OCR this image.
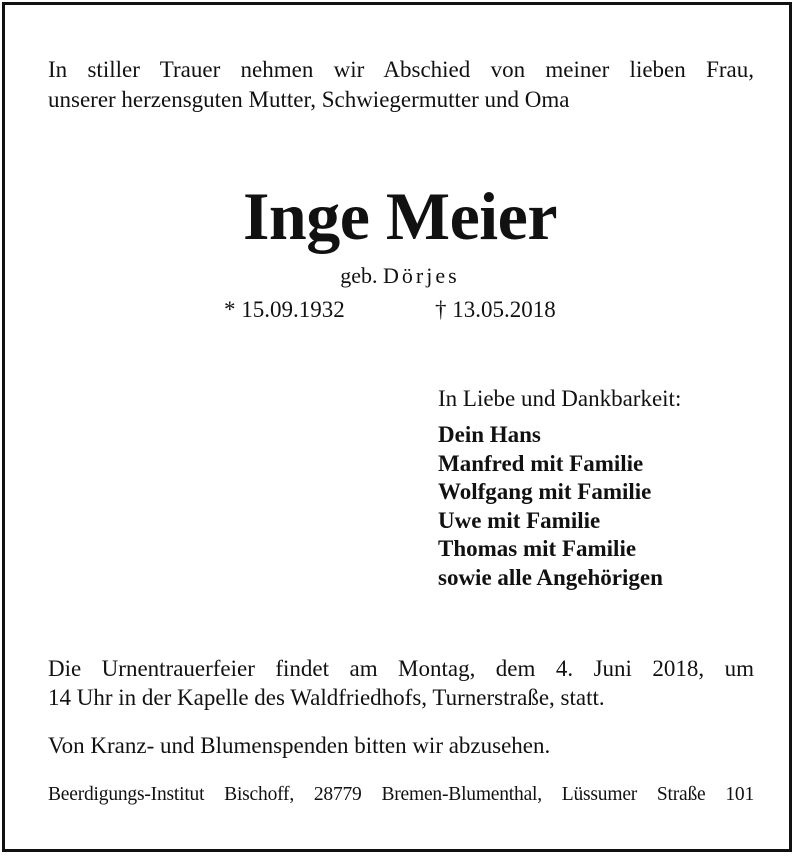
In stiller Trauer nehmen wir Abschied von meiner lieben Frau,
unserer herzensguten Mutter, Schwiegermutter und Oma
Inge Meier
geb. Dörjes
* 15.09.1932	† 13.05.2018
In Liebe und Dankbarkeit:
Dein Hans
Manfred mit Familie
Wolfgang mit Familie
Uwe mit Familie
Thomas mit Familie
sowie alle Angehörigen
Die Urnentrauerfeier findet am Montag, dem 4. Juni 2018, um
14 Uhr in der Kapelle des Waldfriedhofs, Turnerstraße, statt.
Von Kranz- und Blumenspenden bitten wir abzusehen.
Beerdigungs-Institut Bischoff, 28779 Bremen-Blumenthal, Lüssumer Straße 101
